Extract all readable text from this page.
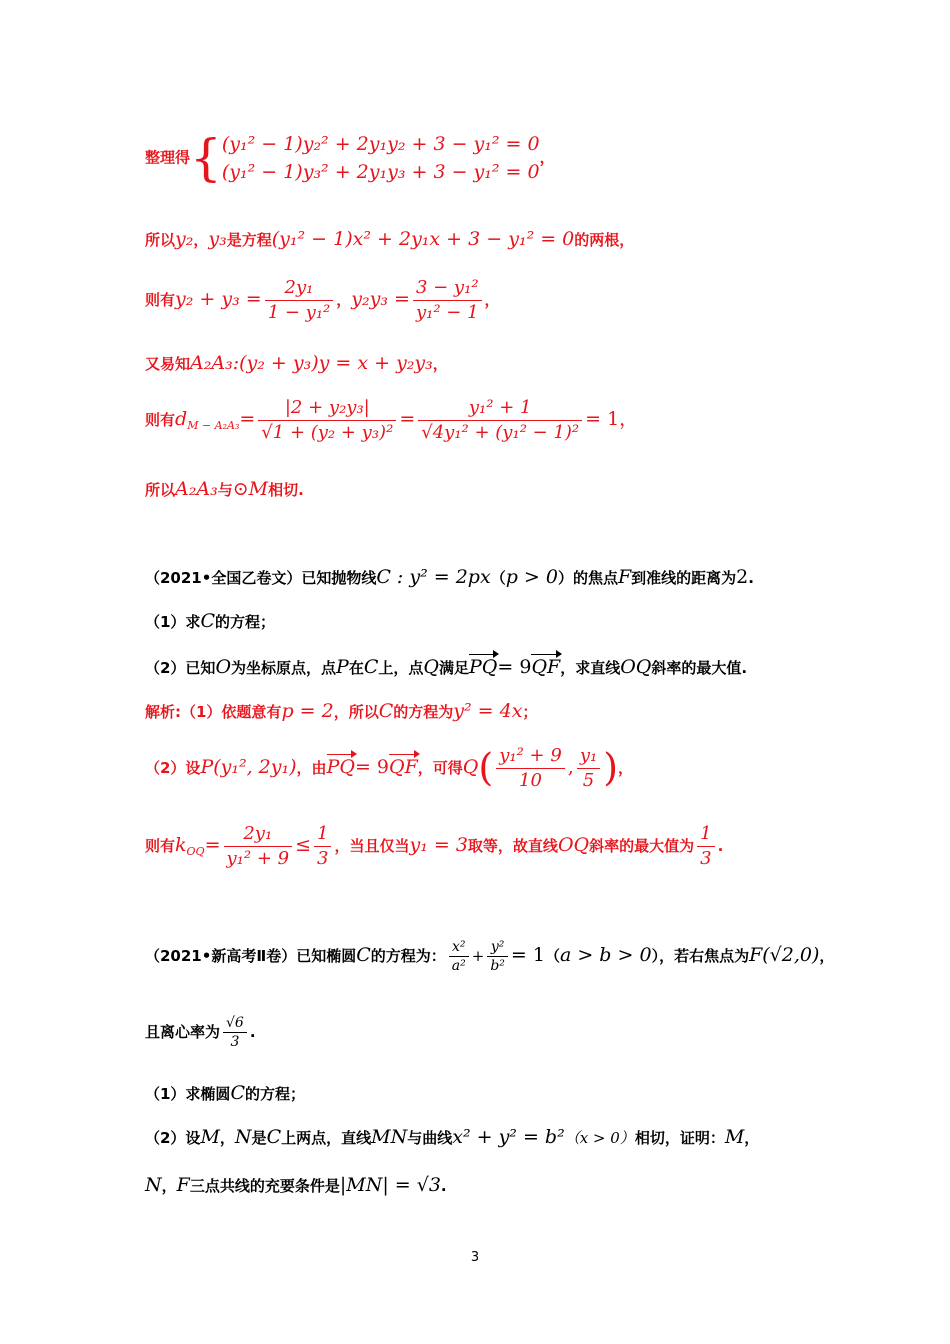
整理得{ (y₁² − 1)y₂² + 2y₁y₂ + 3 − y₁² = 0
(y₁² − 1)y₃² + 2y₁y₃ + 3 − y₁² = 0
，
所以y₂，y₃是方程(y₁² − 1)x² + 2y₁x + 3 − y₁² = 0的两根，
则有$y_2 + y_3 = \frac{\text{2y₁}}{\text{1 − y₁²}}$ ，$y_2y_3 = \frac{\text{3 − y₁²}}{\text{y₁² − 1}}$ ，
又易知A₂A₃:(y₂ + y₃)y = x + y₂y₃，
则有$d_{M - A_2A_3}= \frac{\text{|2 + y₂y₃|}}{\text{√1 + (y₂ + y₃)²}} = \frac{\text{y₁² + 1}}{\text{√4y₁² + (y₁² − 1)²}} = 1$，
所以A₂A₃与⊙M相切.
（2021•全国乙卷文）已知抛物线C : y² = 2px（p > 0）的焦点F到准线的距离为2.
（1）求C的方程；
（2）已知O为坐标原点，点P在C上，点Q满足PQ= 9QF，求直线OQ斜率的最大值.
解析:（1）依题意有p = 2，所以C的方程为y² = 4x；
（2）设P(y₁², 2y₁)，由PQ= 9QF，可得$Q( \frac{\text{y₁² + 9}}{10}$ , $\frac{\text{y₁}}{5}$ )，
则有$k_{OQ}= \frac{\text{2y₁}}{\text{y₁² + 9}} \le \frac{1}{3}$ ，当且仅当y₁ = 3取等，故直线OQ斜率的最大值为 $\frac{1}{3}$ .
（2021•新高考Ⅱ卷）已知椭圆C的方程为： $\frac{\text{x²}}{\text{a²}} + \frac{\text{y²}}{\text{b²}} = 1(a > b > 0)$，若右焦点为F(√2,0)，
且离心率为 $\frac{√6}{3}$ .
（1）求椭圆C的方程；
（2）设M，N是C上两点，直线MN与曲线x² + y² = b²（x > 0）相切，证明：M，
N，F三点共线的充要条件是|MN| = √3.
3
